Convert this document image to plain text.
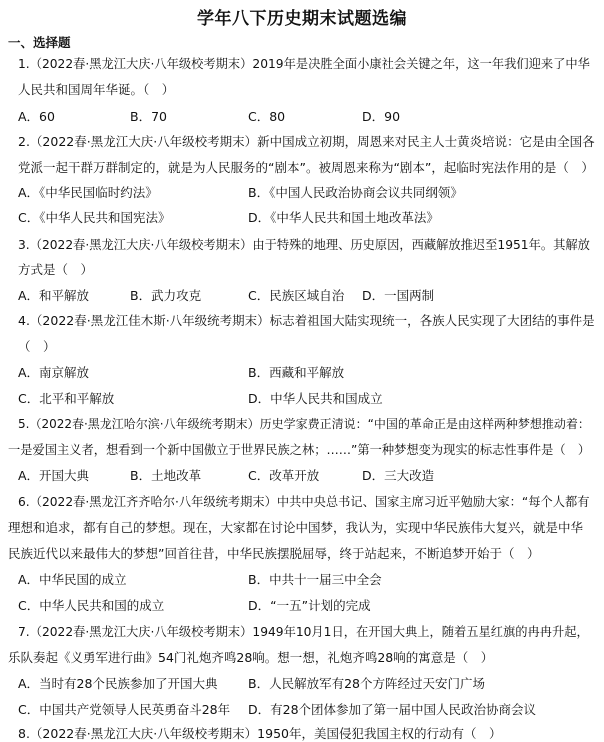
学年八下历史期末试题选编
一、选择题
1.（2022春·黑龙江大庆·八年级校考期末）2019年是决胜全面小康社会关键之年，这一年我们迎来了中华
人民共和国周年华诞。（　）
A．60	B．70	C．80	D．90
2.（2022春·黑龙江大庆·八年级校考期末）新中国成立初期，周恩来对民主人士黄炎培说：它是由全国各
党派一起干群万群制定的，就是为人民服务的“剧本”。被周恩来称为“剧本”，起临时宪法作用的是（　）
A．《中华民国临时约法》	B．《中国人民政治协商会议共同纲领》
C．《中华人民共和国宪法》	D．《中华人民共和国土地改革法》
3.（2022春·黑龙江大庆·八年级校考期末）由于特殊的地理、历史原因，西藏解放推迟至1951年。其解放
方式是（　）
A．和平解放	B．武力攻克	C．民族区域自治 D．一国两制
4.（2022春·黑龙江佳木斯·八年级统考期末）标志着祖国大陆实现统一，各族人民实现了大团结的事件是
（　）
A．南京解放	B．西藏和平解放
C．北平和平解放	D．中华人民共和国成立
5.（2022春·黑龙江哈尔滨·八年级统考期末）历史学家费正清说：“中国的革命正是由这样两种梦想推动着：
一是爱国主义者，想看到一个新中国傲立于世界民族之林；……”第一种梦想变为现实的标志性事件是（　）
A．开国大典	B．土地改革	C．改革开放	D．三大改造
6.（2022春·黑龙江齐齐哈尔·八年级统考期末）中共中央总书记、国家主席习近平勉励大家：“每个人都有
理想和追求，都有自己的梦想。现在，大家都在讨论中国梦，我认为，实现中华民族伟大复兴，就是中华
民族近代以来最伟大的梦想”回首往昔，中华民族摆脱屈辱，终于站起来，不断追梦开始于（　）
A．中华民国的成立	B．中共十一届三中全会
C．中华人民共和国的成立	D．“一五”计划的完成
7.（2022春·黑龙江大庆·八年级校考期末）1949年10月1日，在开国大典上，随着五星红旗的冉冉升起，
乐队奏起《义勇军进行曲》54门礼炮齐鸣28响。想一想，礼炮齐鸣28响的寓意是（　）
A．当时有28个民族参加了开国大典 B．人民解放军有28个方阵经过天安门广场
C．中国共产党领导人民英勇奋斗28年 D．有28个团体参加了第一届中国人民政治协商会议
8.（2022春·黑龙江大庆·八年级校考期末）1950年，美国侵犯我国主权的行动有（　）
